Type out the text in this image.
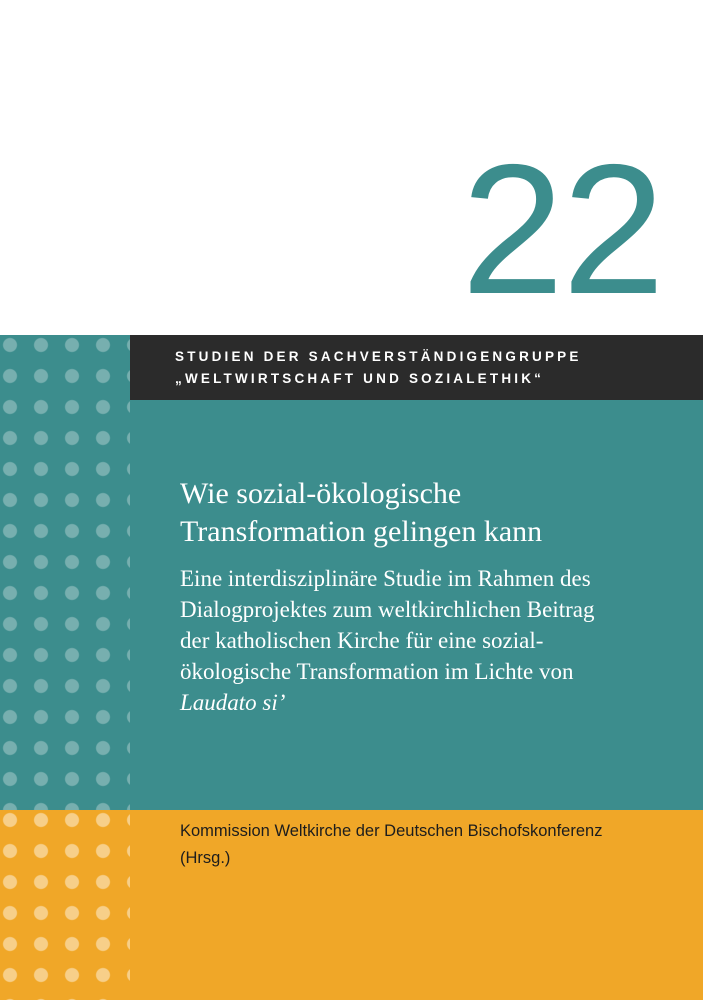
22
STUDIEN DER SACHVERSTÄNDIGENGRUPPE
„WELTWIRTSCHAFT UND SOZIALETHIK“
Wie sozial-ökologische
Transformation gelingen kann

Eine interdisziplinäre Studie im Rahmen des
Dialogprojektes zum weltkirchlichen Beitrag
der katholischen Kirche für eine sozial-
ökologische Transformation im Lichte von
Laudato si’

Kommission Weltkirche der Deutschen Bischofskonferenz
(Hrsg.)
